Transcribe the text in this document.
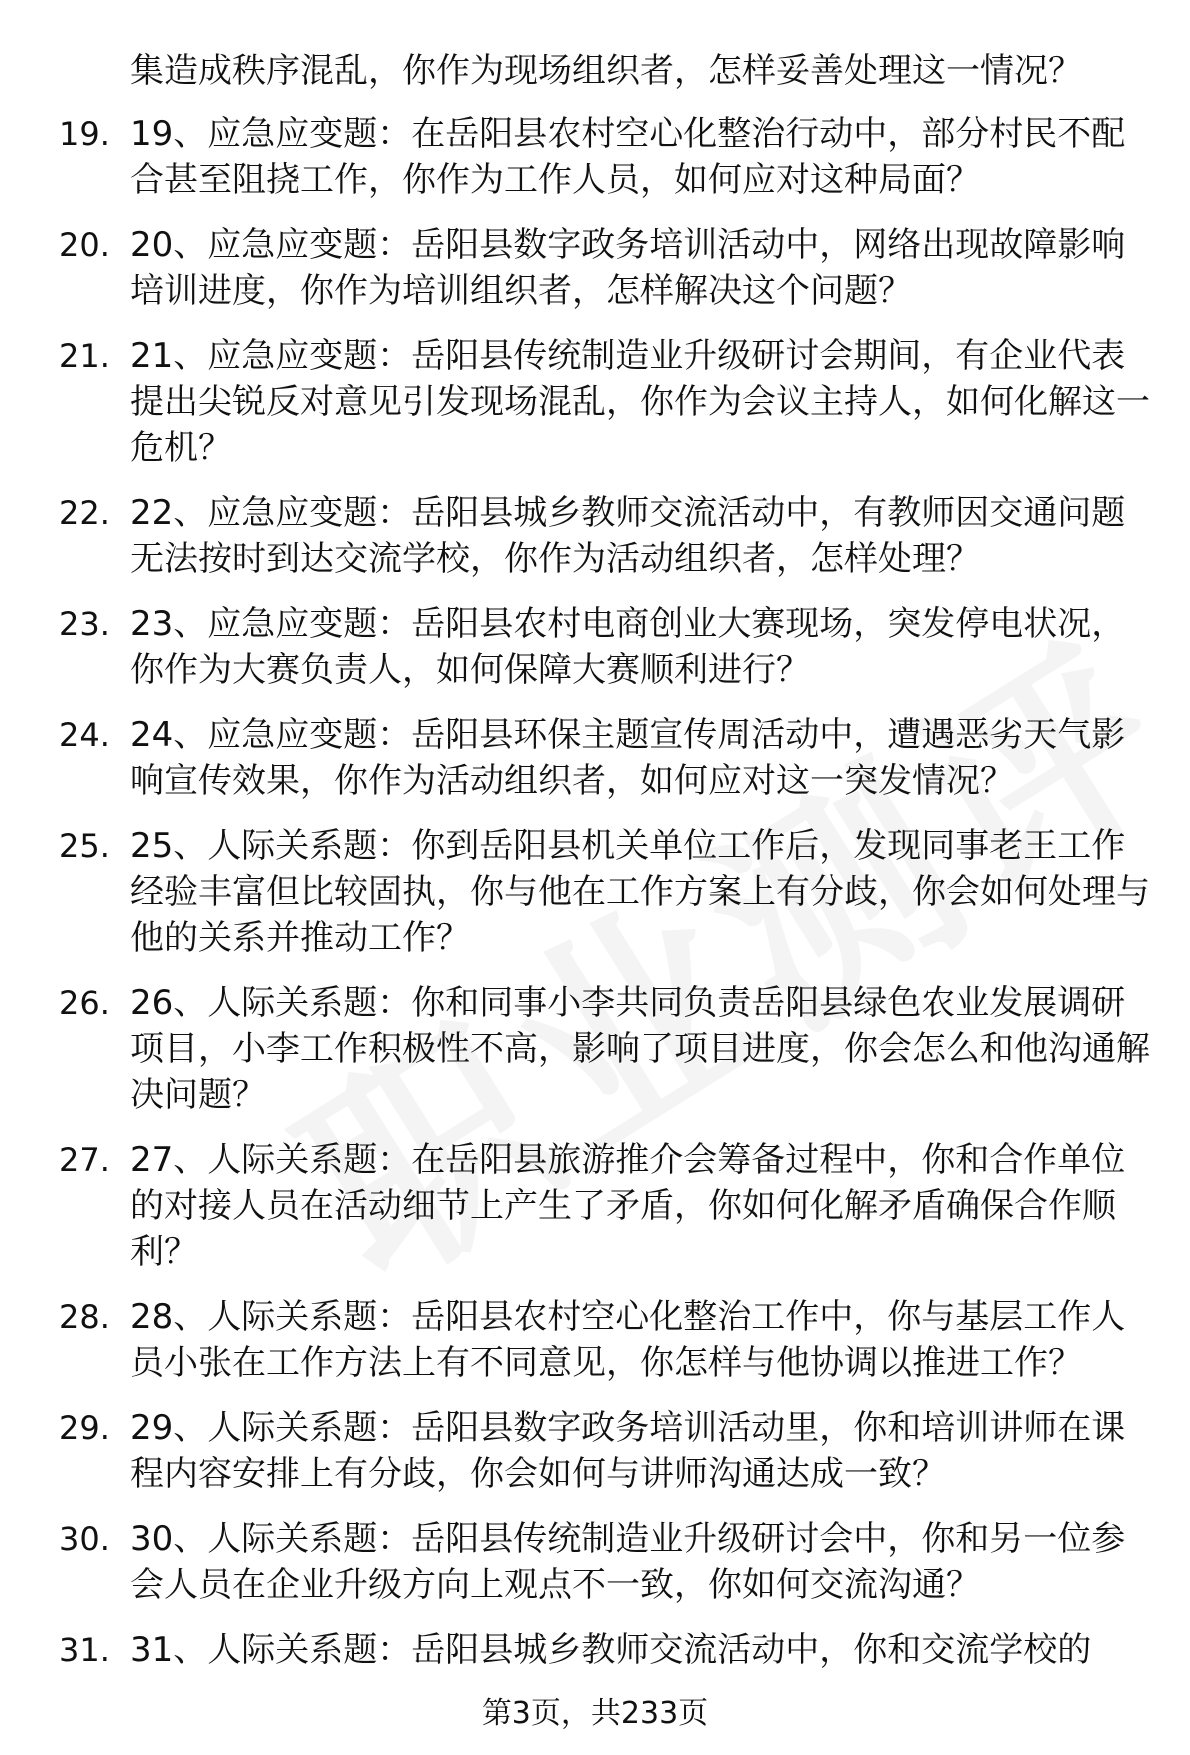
集造成秩序混乱，你作为现场组织者，怎样妥善处理这一情况？
19. 19、应急应变题：在岳阳县农村空心化整治行动中，部分村民不配合甚至阻挠工作，你作为工作人员，如何应对这种局面？
20. 20、应急应变题：岳阳县数字政务培训活动中，网络出现故障影响培训进度，你作为培训组织者，怎样解决这个问题？
21. 21、应急应变题：岳阳县传统制造业升级研讨会期间，有企业代表提出尖锐反对意见引发现场混乱，你作为会议主持人，如何化解这一危机？
22. 22、应急应变题：岳阳县城乡教师交流活动中，有教师因交通问题无法按时到达交流学校，你作为活动组织者，怎样处理？
23. 23、应急应变题：岳阳县农村电商创业大赛现场，突发停电状况，你作为大赛负责人，如何保障大赛顺利进行？
24. 24、应急应变题：岳阳县环保主题宣传周活动中，遭遇恶劣天气影响宣传效果，你作为活动组织者，如何应对这一突发情况？
25. 25、人际关系题：你到岳阳县机关单位工作后，发现同事老王工作经验丰富但比较固执，你与他在工作方案上有分歧，你会如何处理与他的关系并推动工作？
26. 26、人际关系题：你和同事小李共同负责岳阳县绿色农业发展调研项目，小李工作积极性不高，影响了项目进度，你会怎么和他沟通解决问题？
27. 27、人际关系题：在岳阳县旅游推介会筹备过程中，你和合作单位的对接人员在活动细节上产生了矛盾，你如何化解矛盾确保合作顺利？
28. 28、人际关系题：岳阳县农村空心化整治工作中，你与基层工作人员小张在工作方法上有不同意见，你怎样与他协调以推进工作？
29. 29、人际关系题：岳阳县数字政务培训活动里，你和培训讲师在课程内容安排上有分歧，你会如何与讲师沟通达成一致？
30. 30、人际关系题：岳阳县传统制造业升级研讨会中，你和另一位参会人员在企业升级方向上观点不一致，你如何交流沟通？
31. 31、人际关系题：岳阳县城乡教师交流活动中，你和交流学校的
第3页，共233页
